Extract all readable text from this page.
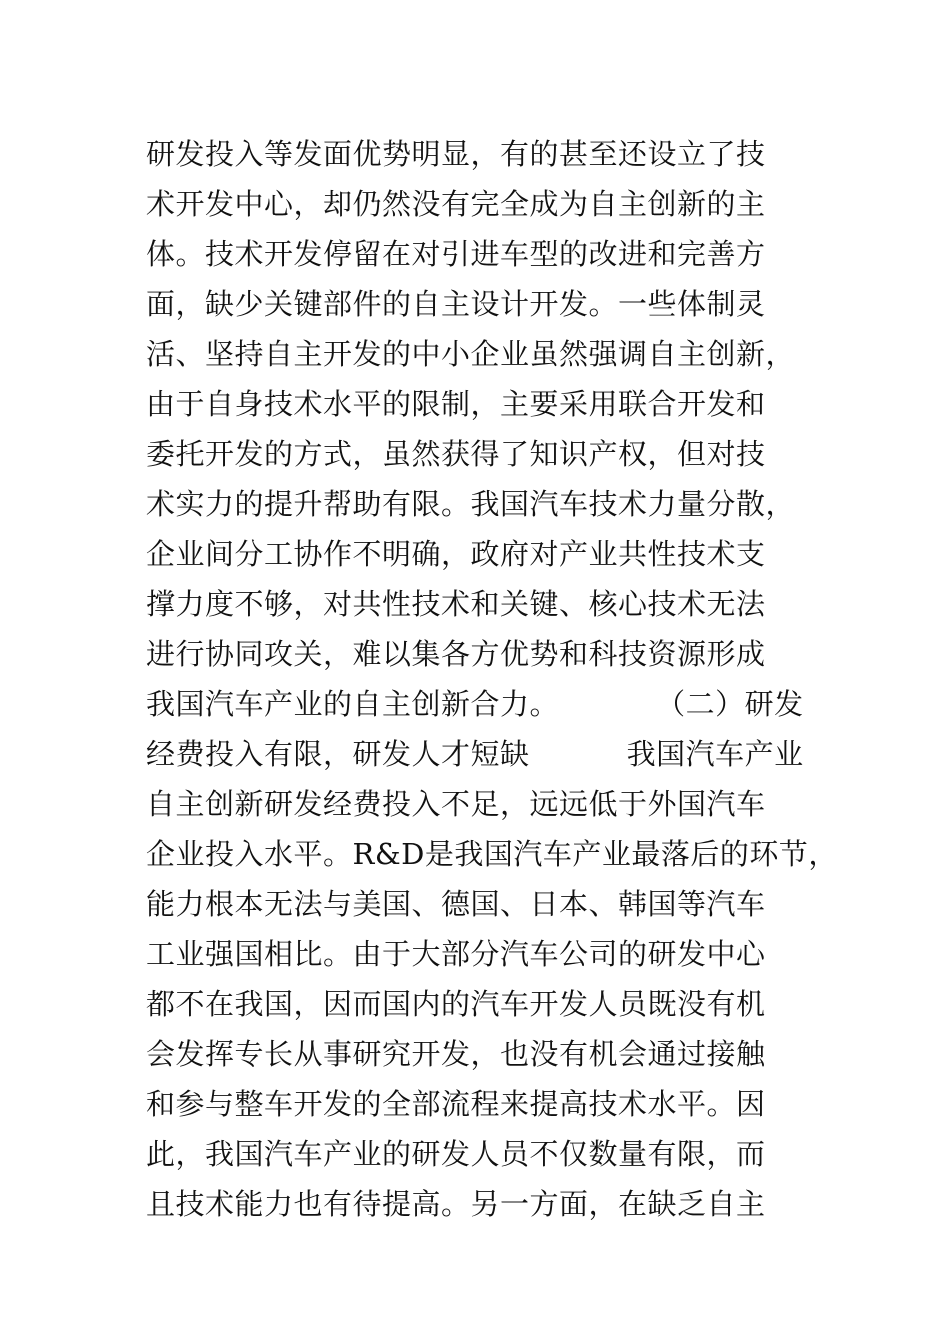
研发投入等发面优势明显，有的甚至还设立了技
术开发中心，却仍然没有完全成为自主创新的主
体。技术开发停留在对引进车型的改进和完善方
面，缺少关键部件的自主设计开发。一些体制灵
活、坚持自主开发的中小企业虽然强调自主创新，
由于自身技术水平的限制，主要采用联合开发和
委托开发的方式，虽然获得了知识产权，但对技
术实力的提升帮助有限。我国汽车技术力量分散，
企业间分工协作不明确，政府对产业共性技术支
撑力度不够，对共性技术和关键、核心技术无法
进行协同攻关，难以集各方优势和科技资源形成
我国汽车产业的自主创新合力。          （二）研发
经费投入有限，研发人才短缺          我国汽车产业
自主创新研发经费投入不足，远远低于外国汽车
企业投入水平。R&D是我国汽车产业最落后的环节，
能力根本无法与美国、德国、日本、韩国等汽车
工业强国相比。由于大部分汽车公司的研发中心
都不在我国，因而国内的汽车开发人员既没有机
会发挥专长从事研究开发，也没有机会通过接触
和参与整车开发的全部流程来提高技术水平。因
此，我国汽车产业的研发人员不仅数量有限，而
且技术能力也有待提高。另一方面，在缺乏自主
